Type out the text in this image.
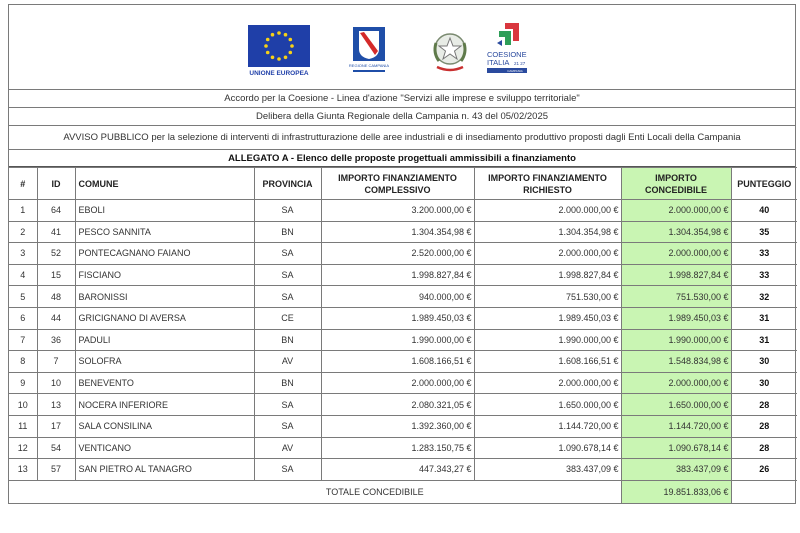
UNIONE EUROPEA
REGIONE CAMPANIA
COESIONE
ITALIA 21 27
CAMPANIA
Accordo per la Coesione - Linea d'azione "Servizi alle imprese e sviluppo territoriale"
Delibera della Giunta Regionale della Campania n. 43 del 05/02/2025
AVVISO PUBBLICO per la selezione di interventi di infrastrutturazione delle aree industriali e di insediamento produttivo proposti dagli Enti Locali della Campania
ALLEGATO A - Elenco delle proposte progettuali ammissibili a finanziamento
#	ID	COMUNE	PROVINCIA	IMPORTO FINANZIAMENTO COMPLESSIVO	IMPORTO FINANZIAMENTO RICHIESTO	IMPORTO CONCEDIBILE	PUNTEGGIO
1	64	EBOLI	SA	3.200.000,00 €	2.000.000,00 €	2.000.000,00 €	40
2	41	PESCO SANNITA	BN	1.304.354,98 €	1.304.354,98 €	1.304.354,98 €	35
3	52	PONTECAGNANO FAIANO	SA	2.520.000,00 €	2.000.000,00 €	2.000.000,00 €	33
4	15	FISCIANO	SA	1.998.827,84 €	1.998.827,84 €	1.998.827,84 €	33
5	48	BARONISSI	SA	940.000,00 €	751.530,00 €	751.530,00 €	32
6	44	GRICIGNANO DI AVERSA	CE	1.989.450,03 €	1.989.450,03 €	1.989.450,03 €	31
7	36	PADULI	BN	1.990.000,00 €	1.990.000,00 €	1.990.000,00 €	31
8	7	SOLOFRA	AV	1.608.166,51 €	1.608.166,51 €	1.548.834,98 €	30
9	10	BENEVENTO	BN	2.000.000,00 €	2.000.000,00 €	2.000.000,00 €	30
10	13	NOCERA INFERIORE	SA	2.080.321,05 €	1.650.000,00 €	1.650.000,00 €	28
11	17	SALA CONSILINA	SA	1.392.360,00 €	1.144.720,00 €	1.144.720,00 €	28
12	54	VENTICANO	AV	1.283.150,75 €	1.090.678,14 €	1.090.678,14 €	28
13	57	SAN PIETRO AL TANAGRO	SA	447.343,27 €	383.437,09 €	383.437,09 €	26
TOTALE CONCEDIBILE						19.851.833,06 €	
